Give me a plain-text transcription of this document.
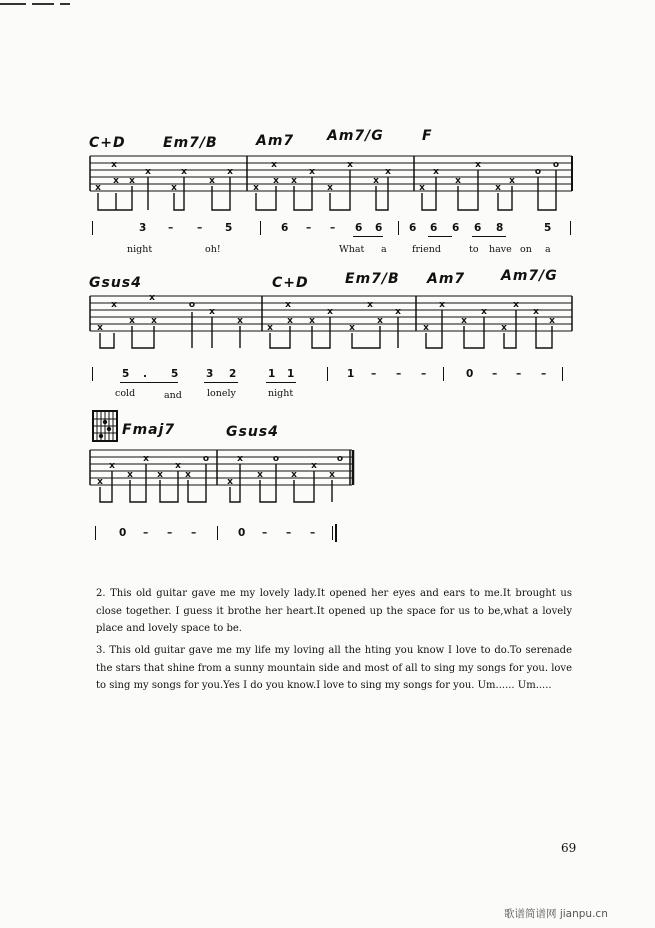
C+D	Em7/B	Am7 Am7/G	F
x
x
x x
x
x
x
x
x
x
x
x x
x
x
x
x
x
x
x
x
x
x
x
o
o
3 – – 5	6 – – 6 6	6 6 6 6 8	5
night	oh!	What a	friend	to have on a
Gsus4	C+D	Em7/B Am7	Am7/G
x
x
x
x
x
o
x
x
x
x
x x
x
x
x
x
x
x
x
x
x
x
x
x
x
5 . 5	3 2	1 1	1 – – –	0 – – –
cold	and	lonely	night
Fmaj7	Gsus4
x
x
x
x
x
x
x
o
x
x
x
o
x
x
x
o
0 – – –	0 – – –

2. This old guitar gave me my lovely lady.It opened her eyes and ears to me.It brought us close together. I guess it brothe her heart.It opened up the space for us to be,what a lovely place and lovely space to be.

3. This old guitar gave me my life my loving all the hting you know I love to do.To serenade the stars that shine from a sunny mountain side and most of all to sing my songs for you. love to sing my songs for you.Yes I do you know.I love to sing my songs for you. Um...... Um.....

69
歌谱简谱网 jianpu.cn
